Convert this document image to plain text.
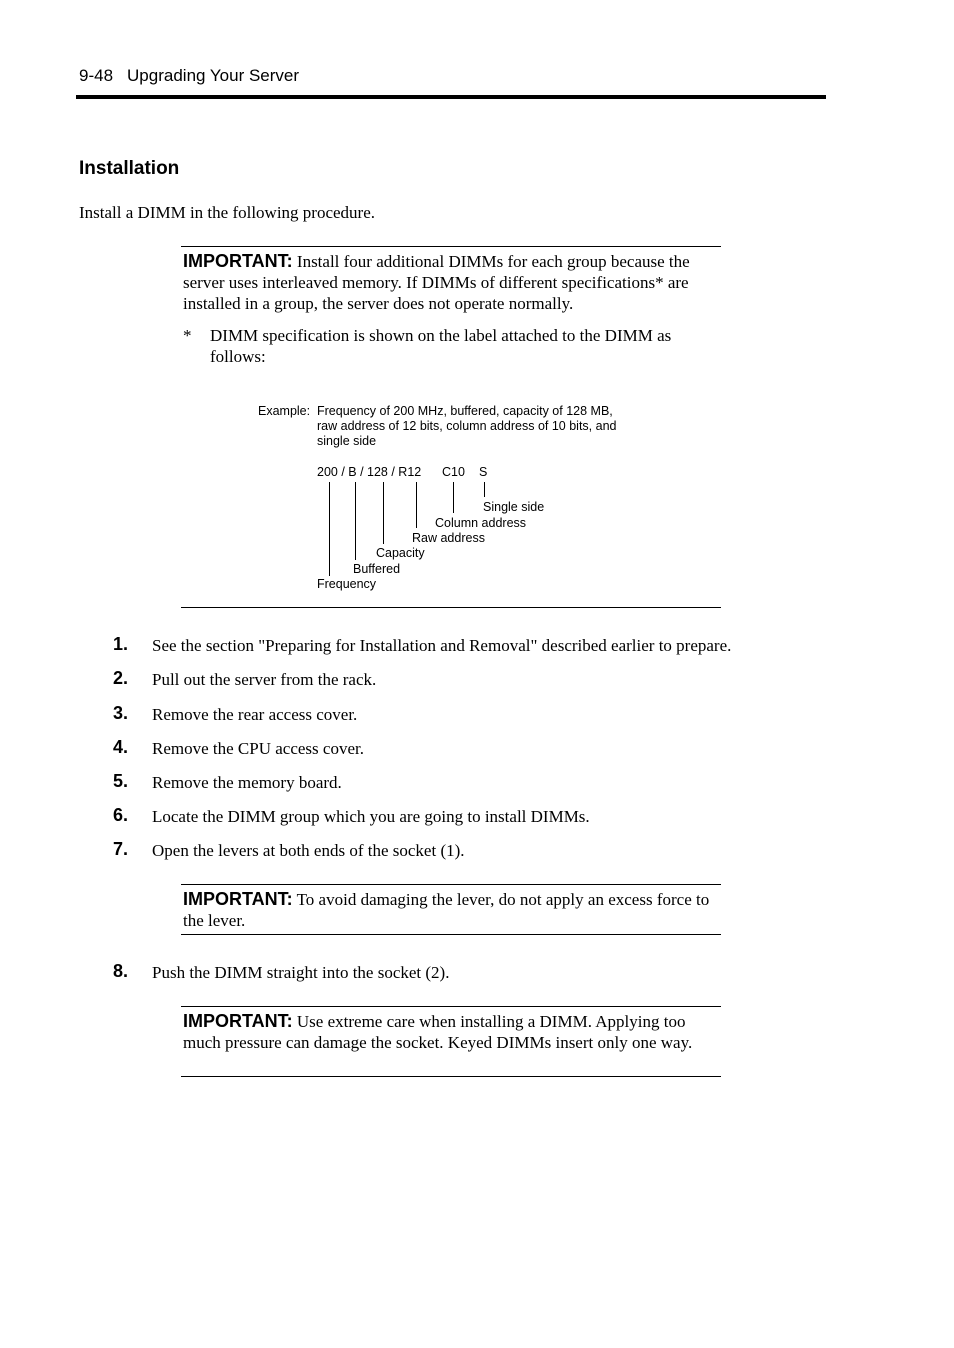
9-48 Upgrading Your Server
Installation
Install a DIMM in the following procedure.
IMPORTANT: Install four additional DIMMs for each group because the server uses interleaved memory. If DIMMs of different specifications* are installed in a group, the server does not operate normally.
* DIMM specification is shown on the label attached to the DIMM as follows:
Example: Frequency of 200 MHz, buffered, capacity of 128 MB,
raw address of 12 bits, column address of 10 bits, and
single side
200 / B / 128 / R12 C10 S
Single side
Column address
Raw address
Capacity
Buffered
Frequency
1. See the section "Preparing for Installation and Removal" described earlier to prepare.
2. Pull out the server from the rack.
3. Remove the rear access cover.
4. Remove the CPU access cover.
5. Remove the memory board.
6. Locate the DIMM group which you are going to install DIMMs.
7. Open the levers at both ends of the socket (1).
IMPORTANT: To avoid damaging the lever, do not apply an excess force to the lever.
8. Push the DIMM straight into the socket (2).
IMPORTANT: Use extreme care when installing a DIMM. Applying too much pressure can damage the socket. Keyed DIMMs insert only one way.
